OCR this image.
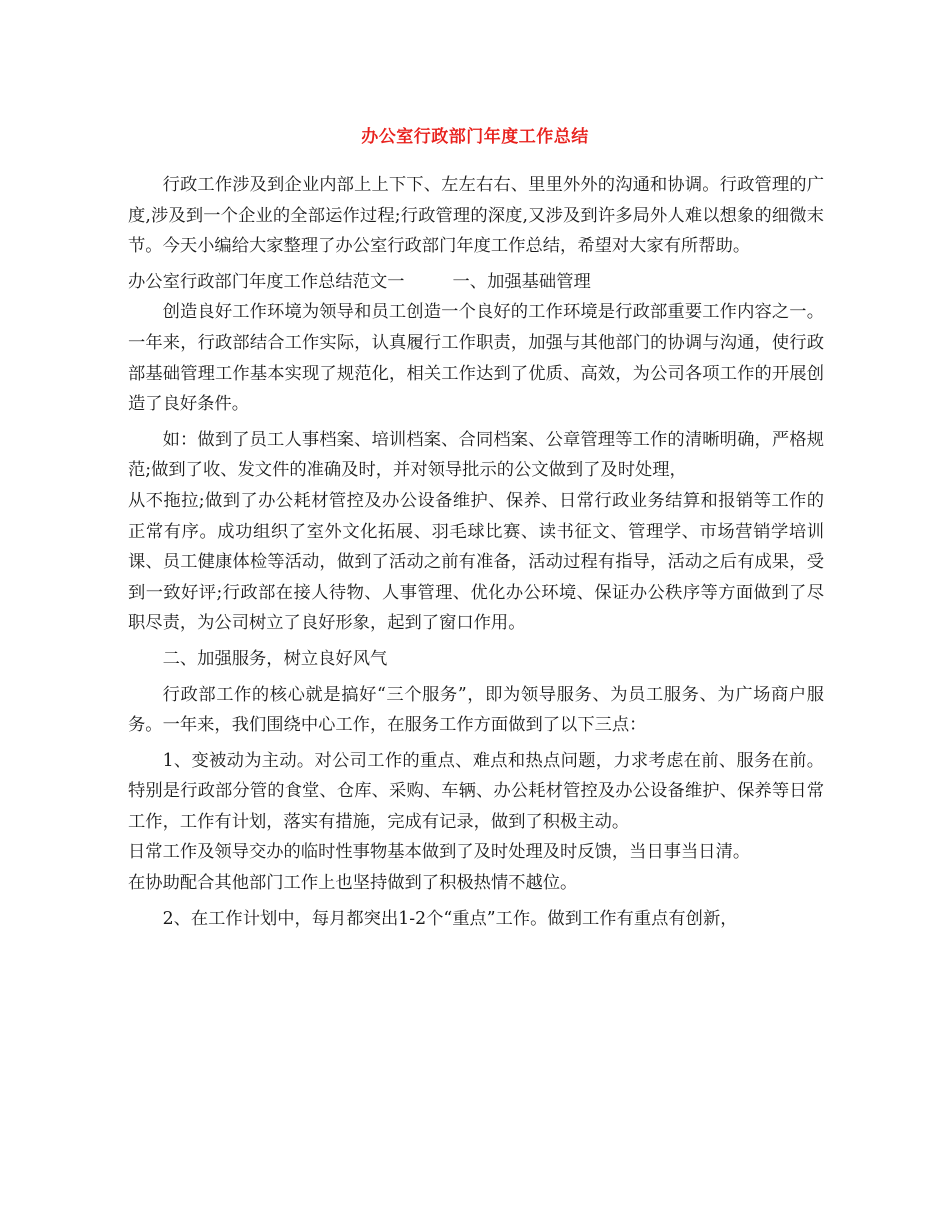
办公室行政部门年度工作总结

行政工作涉及到企业内部上上下下、左左右右、里里外外的沟通和协调。行政管理的广度,涉及到一个企业的全部运作过程;行政管理的深度,又涉及到许多局外人难以想象的细微末节。今天小编给大家整理了办公室行政部门年度工作总结，希望对大家有所帮助。

办公室行政部门年度工作总结范文一	一、加强基础管理

创造良好工作环境为领导和员工创造一个良好的工作环境是行政部重要工作内容之一。一年来，行政部结合工作实际，认真履行工作职责，加强与其他部门的协调与沟通，使行政部基础管理工作基本实现了规范化，相关工作达到了优质、高效，为公司各项工作的开展创造了良好条件。

如：做到了员工人事档案、培训档案、合同档案、公章管理等工作的清晰明确，严格规范;做到了收、发文件的准确及时，并对领导批示的公文做到了及时处理，

从不拖拉;做到了办公耗材管控及办公设备维护、保养、日常行政业务结算和报销等工作的正常有序。成功组织了室外文化拓展、羽毛球比赛、读书征文、管理学、市场营销学培训课、员工健康体检等活动，做到了活动之前有准备，活动过程有指导，活动之后有成果，受到一致好评;行政部在接人待物、人事管理、优化办公环境、保证办公秩序等方面做到了尽职尽责，为公司树立了良好形象，起到了窗口作用。

二、加强服务，树立良好风气

行政部工作的核心就是搞好“三个服务”，即为领导服务、为员工服务、为广场商户服务。一年来，我们围绕中心工作，在服务工作方面做到了以下三点：

1、变被动为主动。对公司工作的重点、难点和热点问题，力求考虑在前、服务在前。特别是行政部分管的食堂、仓库、采购、车辆、办公耗材管控及办公设备维护、保养等日常工作，工作有计划，落实有措施，完成有记录，做到了积极主动。

日常工作及领导交办的临时性事物基本做到了及时处理及时反馈，当日事当日清。

在协助配合其他部门工作上也坚持做到了积极热情不越位。

2、在工作计划中，每月都突出1-2个“重点”工作。做到工作有重点有创新，
